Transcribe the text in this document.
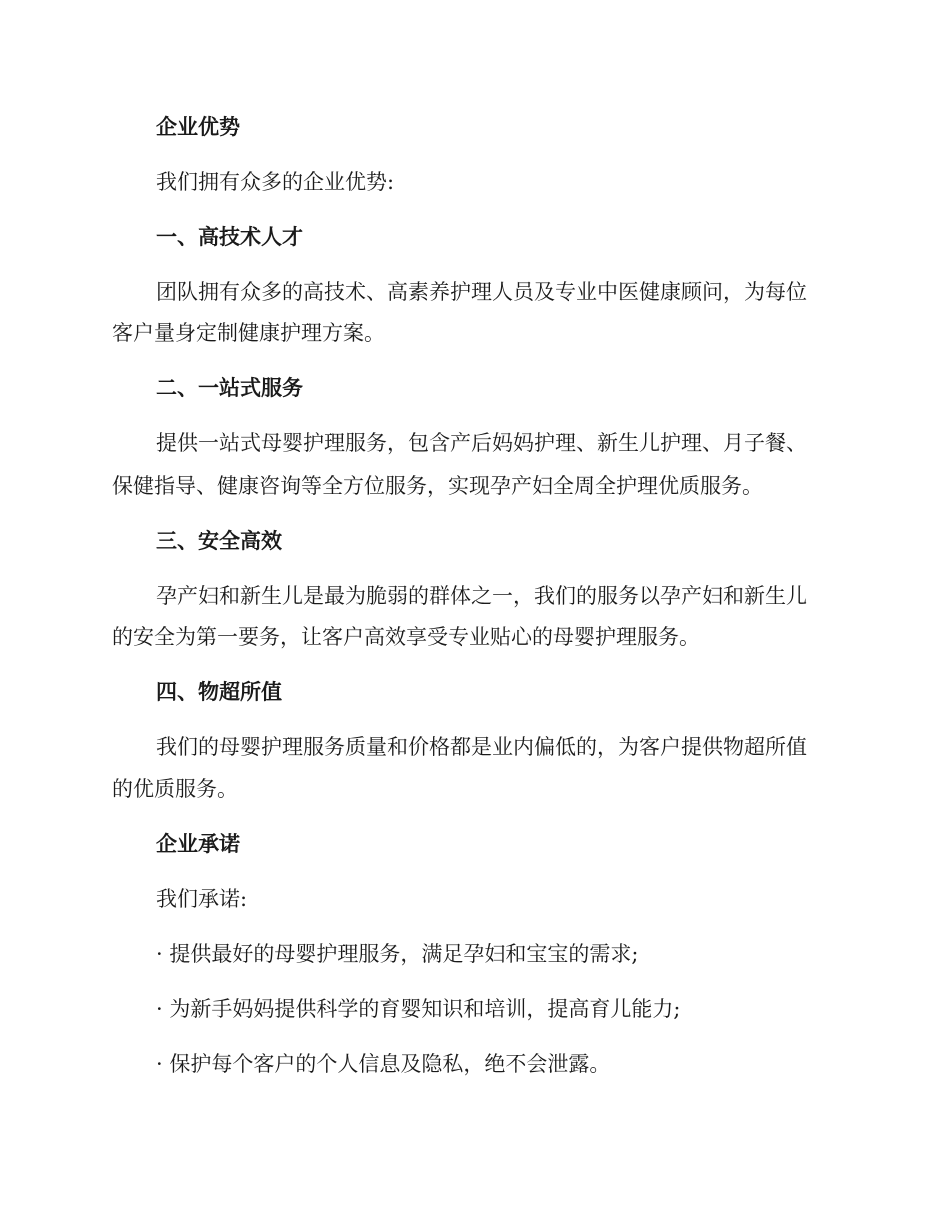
企业优势
我们拥有众多的企业优势:
一、高技术人才
团队拥有众多的高技术、高素养护理人员及专业中医健康顾问，为每位
客户量身定制健康护理方案。
二、一站式服务
提供一站式母婴护理服务，包含产后妈妈护理、新生儿护理、月子餐、
保健指导、健康咨询等全方位服务，实现孕产妇全周全护理优质服务。
三、安全高效
孕产妇和新生儿是最为脆弱的群体之一，我们的服务以孕产妇和新生儿
的安全为第一要务，让客户高效享受专业贴心的母婴护理服务。
四、物超所值
我们的母婴护理服务质量和价格都是业内偏低的，为客户提供物超所值
的优质服务。
企业承诺
我们承诺:
· 提供最好的母婴护理服务，满足孕妇和宝宝的需求;
· 为新手妈妈提供科学的育婴知识和培训，提高育儿能力;
· 保护每个客户的个人信息及隐私，绝不会泄露。
